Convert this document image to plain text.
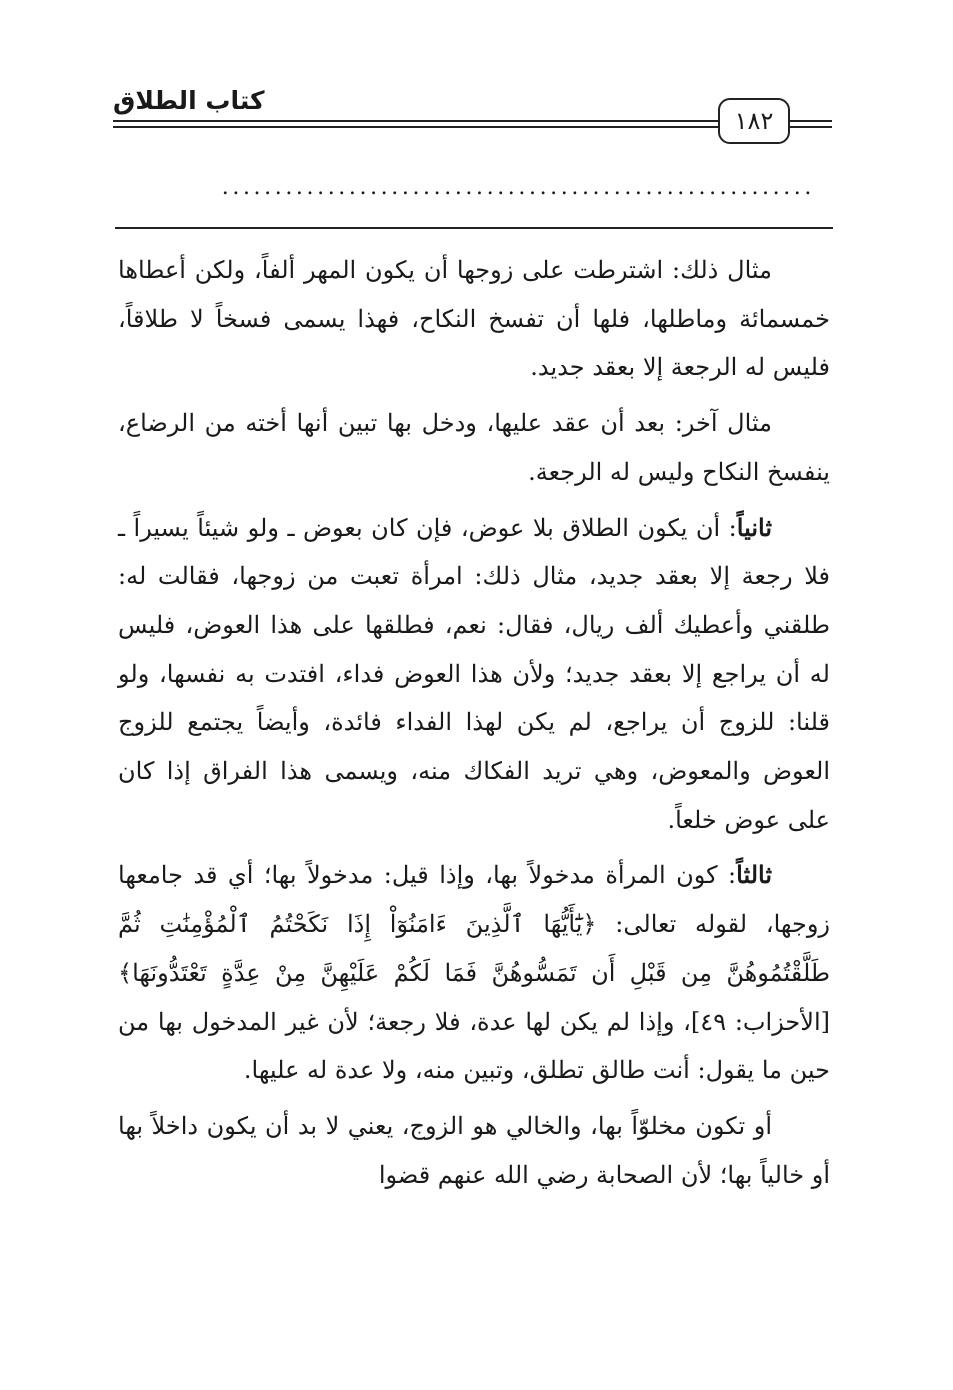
كتاب الطلاق
١٨٢
........................................................

مثال ذلك: اشترطت على زوجها أن يكون المهر ألفاً، ولكن أعطاها خمسمائة وماطلها، فلها أن تفسخ النكاح، فهذا يسمى فسخاً لا طلاقاً، فليس له الرجعة إلا بعقد جديد.

مثال آخر: بعد أن عقد عليها، ودخل بها تبين أنها أخته من الرضاع، ينفسخ النكاح وليس له الرجعة.

ثانياً: أن يكون الطلاق بلا عوض، فإن كان بعوض ـ ولو شيئاً يسيراً ـ فلا رجعة إلا بعقد جديد، مثال ذلك: امرأة تعبت من زوجها، فقالت له: طلقني وأعطيك ألف ريال، فقال: نعم، فطلقها على هذا العوض، فليس له أن يراجع إلا بعقد جديد؛ ولأن هذا العوض فداء، افتدت به نفسها، ولو قلنا: للزوج أن يراجع، لم يكن لهذا الفداء فائدة، وأيضاً يجتمع للزوج العوض والمعوض، وهي تريد الفكاك منه، ويسمى هذا الفراق إذا كان على عوض خلعاً.

ثالثاً: كون المرأة مدخولاً بها، وإذا قيل: مدخولاً بها؛ أي قد جامعها زوجها، لقوله تعالى: ﴿يَٰٓأَيُّهَا ٱلَّذِينَ ءَامَنُوٓاْ إِذَا نَكَحْتُمُ ٱلْمُؤْمِنَٰتِ ثُمَّ طَلَّقْتُمُوهُنَّ مِن قَبْلِ أَن تَمَسُّوهُنَّ فَمَا لَكُمْ عَلَيْهِنَّ مِنْ عِدَّةٍ تَعْتَدُّونَهَا﴾ [الأحزاب: ٤٩]، وإذا لم يكن لها عدة، فلا رجعة؛ لأن غير المدخول بها من حين ما يقول: أنت طالق تطلق، وتبين منه، ولا عدة له عليها.

أو تكون مخلوّاً بها، والخالي هو الزوج، يعني لا بد أن يكون داخلاً بها أو خالياً بها؛ لأن الصحابة رضي الله عنهم قضوا
